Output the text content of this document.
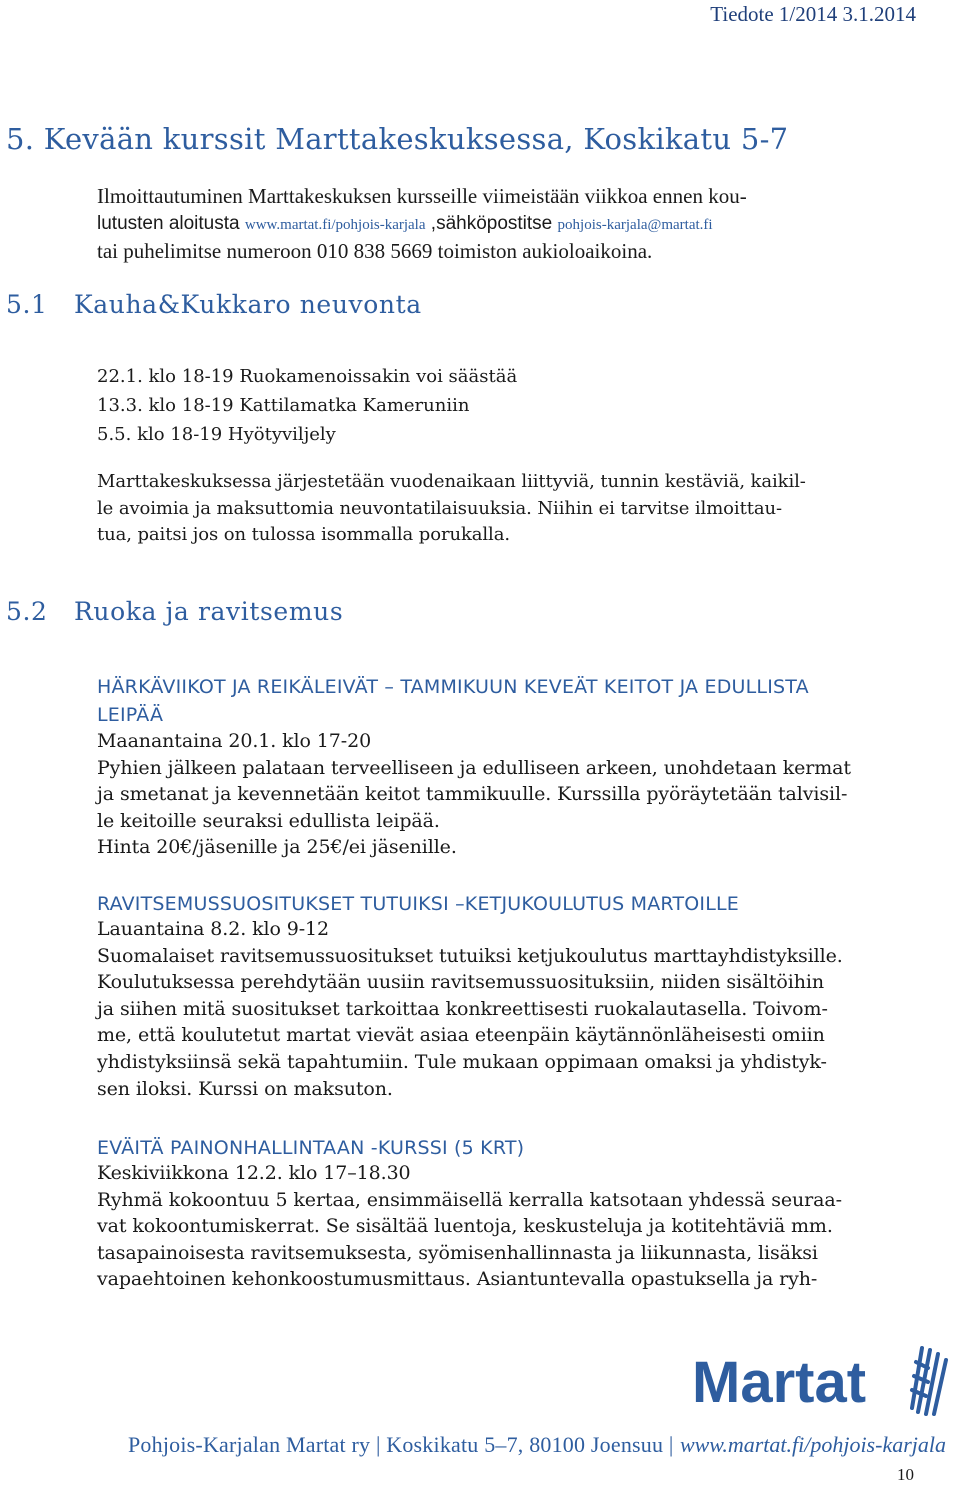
Tiedote 1/2014 3.1.2014
5. Kevään kurssit Marttakeskuksessa, Koskikatu 5-7
Ilmoittautuminen Marttakeskuksen kursseille viimeistään viikkoa ennen kou-
lutusten aloitusta www.martat.fi/pohjois-karjala ,sähköpostitse pohjois-karjala@martat.fi
tai puhelimitse numeroon 010 838 5669 toimiston aukioloaikoina.
5.1 Kauha&Kukkaro neuvonta
22.1. klo 18-19 Ruokamenoissakin voi säästää
13.3. klo 18-19 Kattilamatka Kameruniin
5.5. klo 18-19 Hyötyviljely
Marttakeskuksessa järjestetään vuodenaikaan liittyviä, tunnin kestäviä, kaikil-
le avoimia ja maksuttomia neuvontatilaisuuksia. Niihin ei tarvitse ilmoittau-
tua, paitsi jos on tulossa isommalla porukalla.
5.2 Ruoka ja ravitsemus
HÄRKÄVIIKOT JA REIKÄLEIVÄT – TAMMIKUUN KEVEÄT KEITOT JA EDULLISTA
LEIPÄÄ
Maanantaina 20.1. klo 17-20
Pyhien jälkeen palataan terveelliseen ja edulliseen arkeen, unohdetaan kermat
ja smetanat ja kevennetään keitot tammikuulle. Kurssilla pyöräytetään talvisil-
le keitoille seuraksi edullista leipää.
Hinta 20€/jäsenille ja 25€/ei jäsenille.
RAVITSEMUSSUOSITUKSET TUTUIKSI –KETJUKOULUTUS MARTOILLE
Lauantaina 8.2. klo 9-12
Suomalaiset ravitsemussuositukset tutuiksi ketjukoulutus marttayhdistyksille.
Koulutuksessa perehdytään uusiin ravitsemussuosituksiin, niiden sisältöihin
ja siihen mitä suositukset tarkoittaa konkreettisesti ruokalautasella. Toivom-
me, että koulutetut martat vievät asiaa eteenpäin käytännönläheisesti omiin
yhdistyksiinsä sekä tapahtumiin. Tule mukaan oppimaan omaksi ja yhdistyk-
sen iloksi. Kurssi on maksuton.
EVÄITÄ PAINONHALLINTAAN -KURSSI (5 KRT)
Keskiviikkona 12.2. klo 17–18.30
Ryhmä kokoontuu 5 kertaa, ensimmäisellä kerralla katsotaan yhdessä seuraa-
vat kokoontumiskerrat. Se sisältää luentoja, keskusteluja ja kotitehtäviä mm.
tasapainoisesta ravitsemuksesta, syömisenhallinnasta ja liikunnasta, lisäksi
vapaehtoinen kehonkoostumusmittaus. Asiantuntevalla opastuksella ja ryh-
Martat
Pohjois-Karjalan Martat ry | Koskikatu 5–7, 80100 Joensuu | www.martat.fi/pohjois-karjala
10
